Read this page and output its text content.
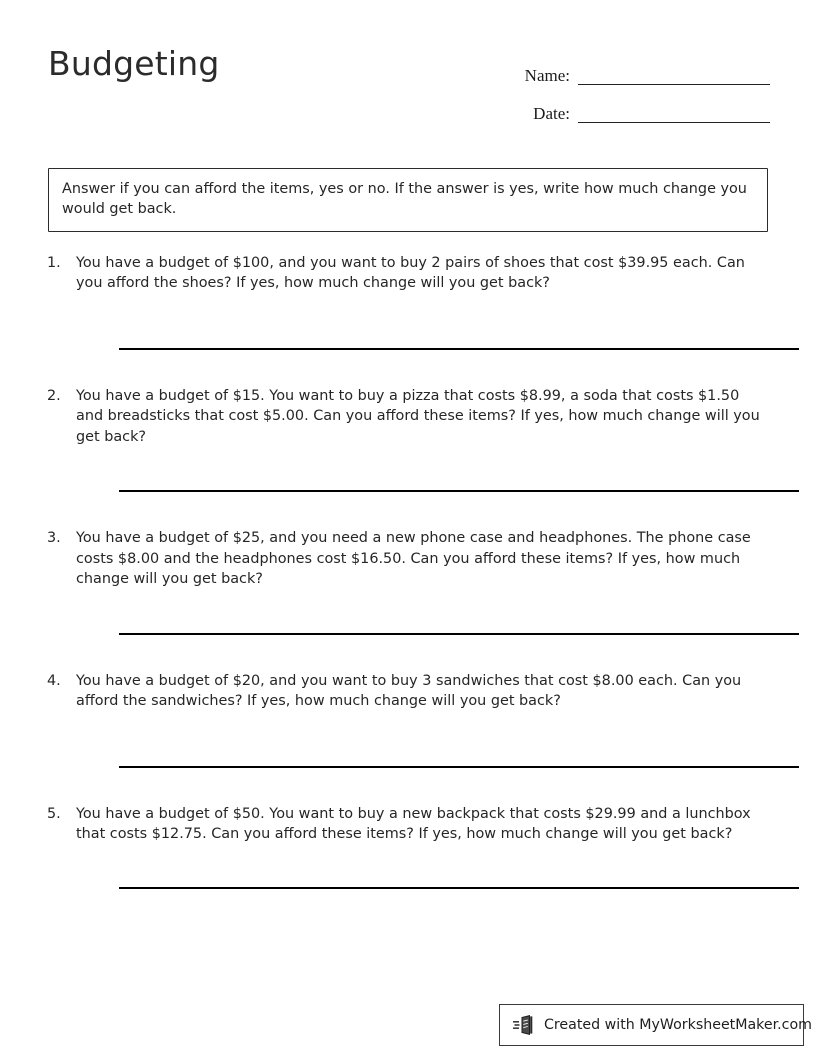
Budgeting	Name:
Date:
Answer if you can afford the items, yes or no. If the answer is yes, write how much change you would get back.
1.	You have a budget of $100, and you want to buy 2 pairs of shoes that cost $39.95 each. Can you afford the shoes? If yes, how much change will you get back?
2.	You have a budget of $15. You want to buy a pizza that costs $8.99, a soda that costs $1.50 and breadsticks that cost $5.00. Can you afford these items? If yes, how much change will you get back?
3.	You have a budget of $25, and you need a new phone case and headphones. The phone case costs $8.00 and the headphones cost $16.50. Can you afford these items? If yes, how much change will you get back?
4.	You have a budget of $20, and you want to buy 3 sandwiches that cost $8.00 each. Can you afford the sandwiches? If yes, how much change will you get back?
5.	You have a budget of $50. You want to buy a new backpack that costs $29.99 and a lunchbox that costs $12.75. Can you afford these items? If yes, how much change will you get back?
Created with MyWorksheetMaker.com
